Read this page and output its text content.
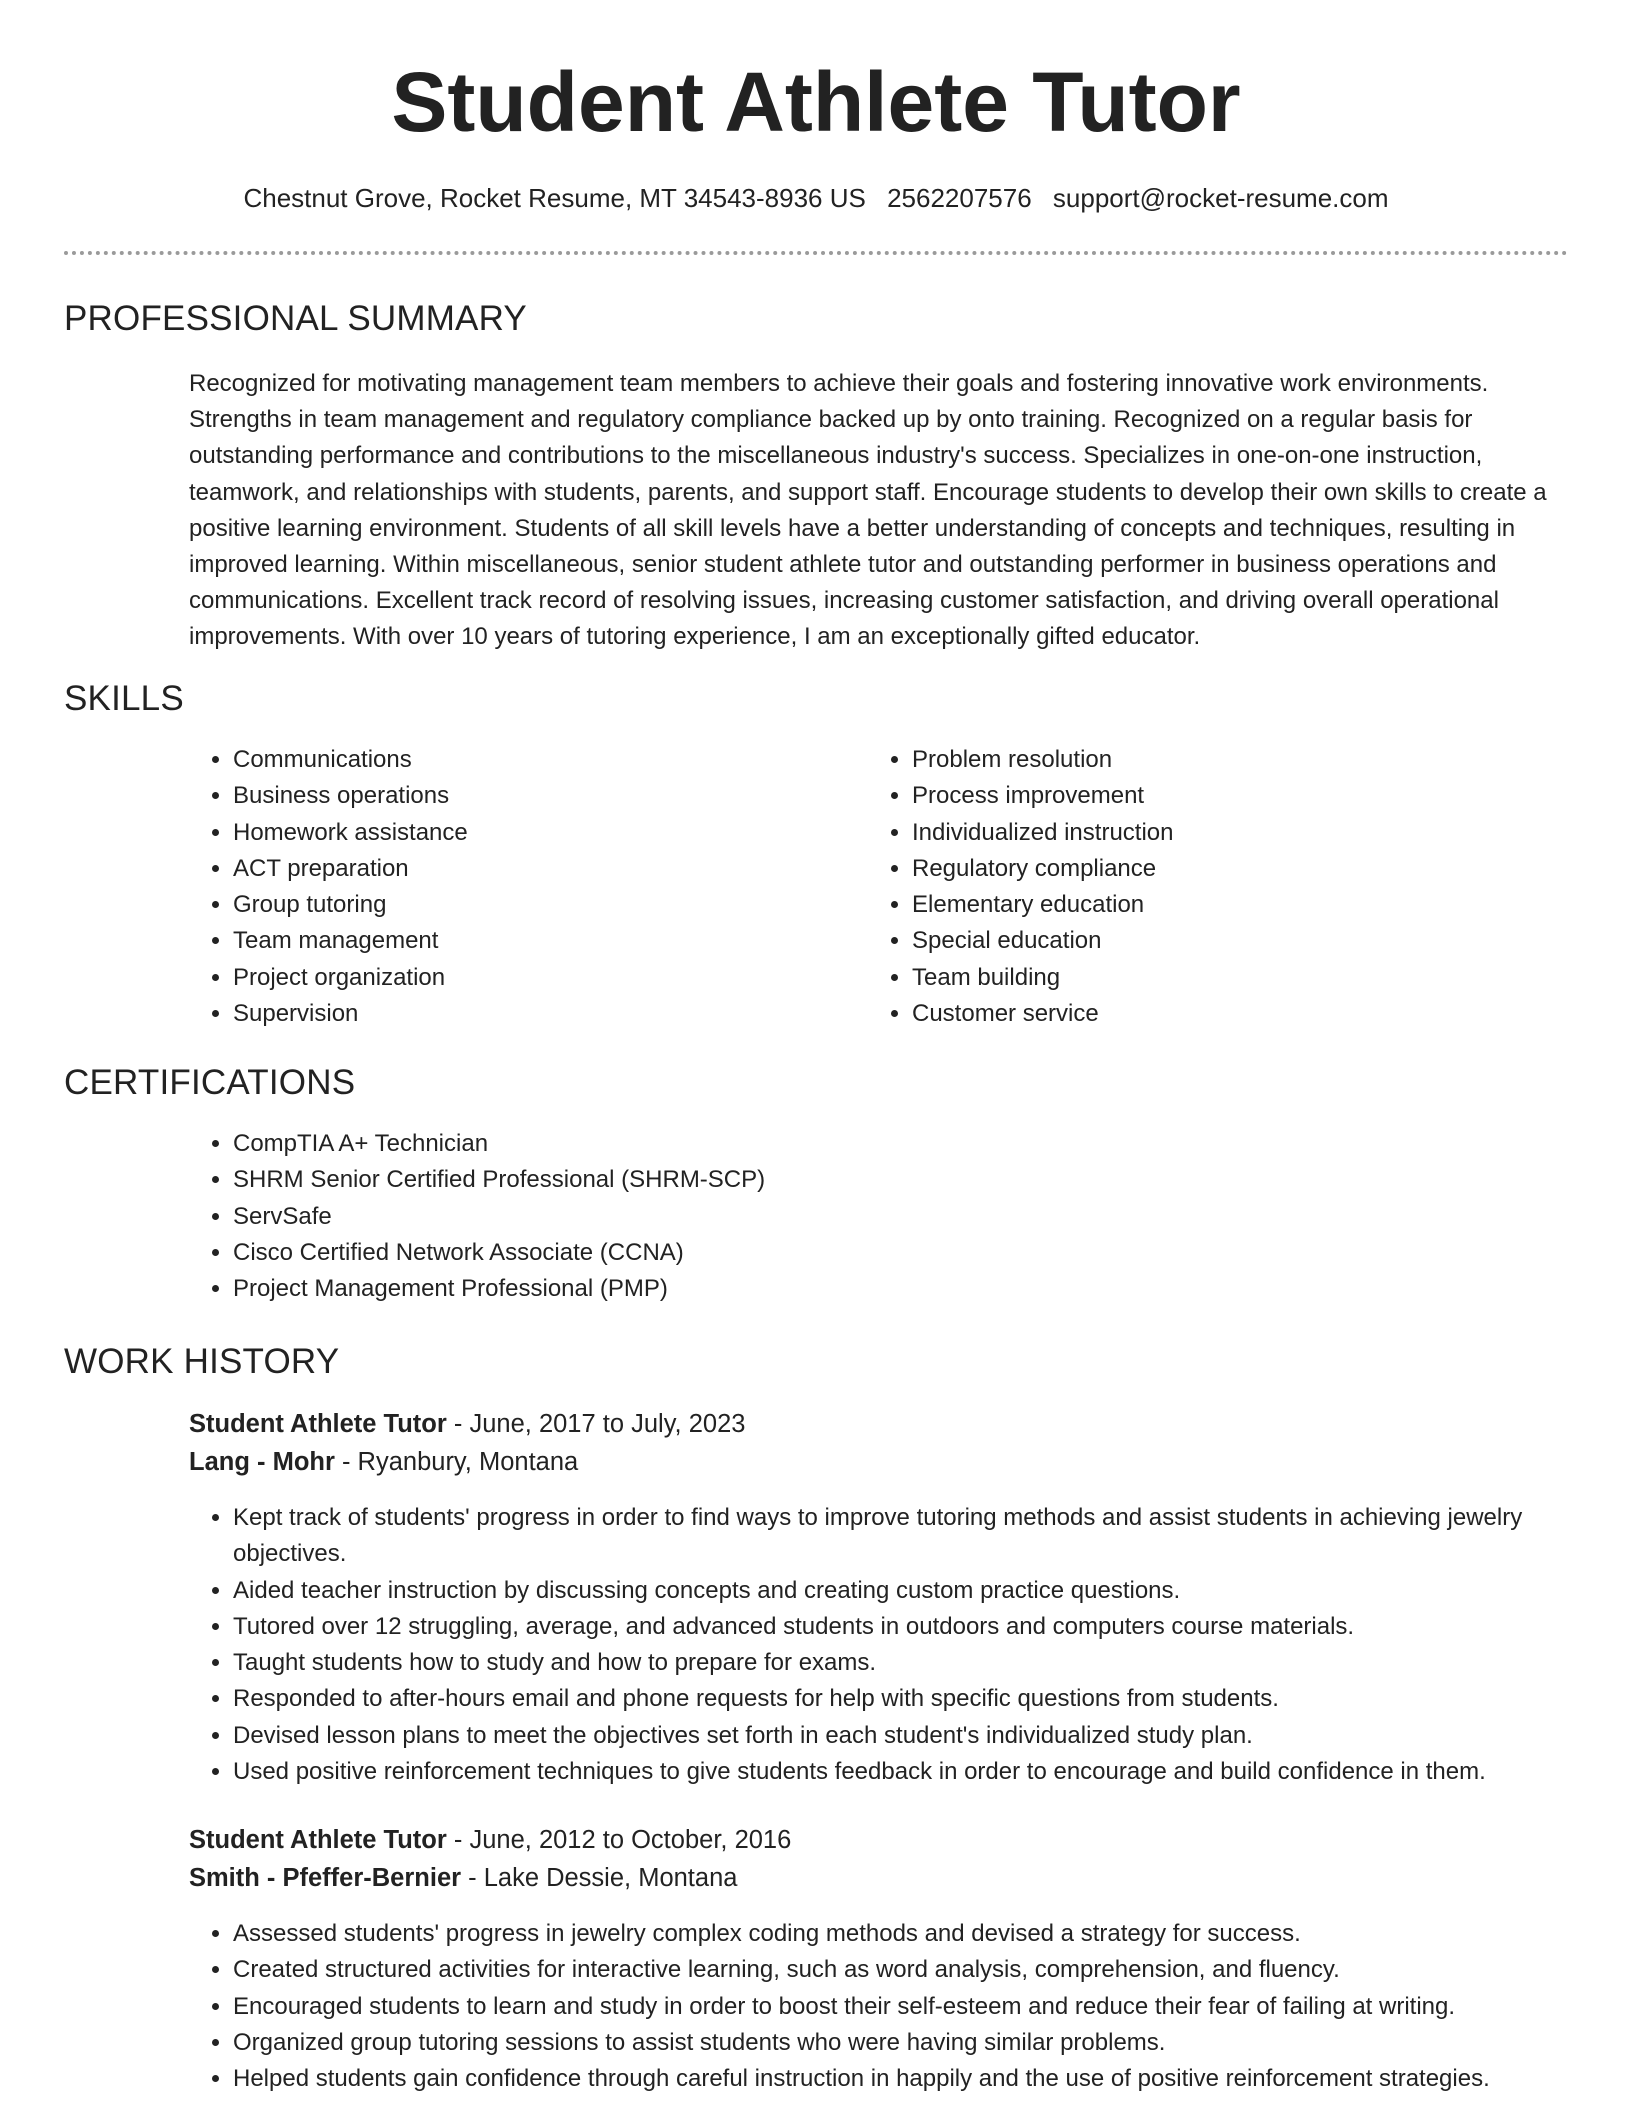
Student Athlete Tutor
Chestnut Grove, Rocket Resume, MT 34543-8936 US 2562207576 support@rocket-resume.com
PROFESSIONAL SUMMARY

Recognized for motivating management team members to achieve their goals and fostering innovative work environments. Strengths in team management and regulatory compliance backed up by onto training. Recognized on a regular basis for outstanding performance and contributions to the miscellaneous industry's success. Specializes in one-on-one instruction, teamwork, and relationships with students, parents, and support staff. Encourage students to develop their own skills to create a positive learning environment. Students of all skill levels have a better understanding of concepts and techniques, resulting in improved learning. Within miscellaneous, senior student athlete tutor and outstanding performer in business operations and communications. Excellent track record of resolving issues, increasing customer satisfaction, and driving overall operational improvements. With over 10 years of tutoring experience, I am an exceptionally gifted educator.

SKILLS
• Communications
• Business operations
• Homework assistance
• ACT preparation
• Group tutoring
• Team management
• Project organization
• Supervision
• Problem resolution
• Process improvement
• Individualized instruction
• Regulatory compliance
• Elementary education
• Special education
• Team building
• Customer service
CERTIFICATIONS
• CompTIA A+ Technician
• SHRM Senior Certified Professional (SHRM-SCP)
• ServSafe
• Cisco Certified Network Associate (CCNA)
• Project Management Professional (PMP)
WORK HISTORY
Student Athlete Tutor - June, 2017 to July, 2023
Lang - Mohr - Ryanbury, Montana
• Kept track of students' progress in order to find ways to improve tutoring methods and assist students in achieving jewelry objectives.
• Aided teacher instruction by discussing concepts and creating custom practice questions.
• Tutored over 12 struggling, average, and advanced students in outdoors and computers course materials.
• Taught students how to study and how to prepare for exams.
• Responded to after-hours email and phone requests for help with specific questions from students.
• Devised lesson plans to meet the objectives set forth in each student's individualized study plan.
• Used positive reinforcement techniques to give students feedback in order to encourage and build confidence in them.
Student Athlete Tutor - June, 2012 to October, 2016
Smith - Pfeffer-Bernier - Lake Dessie, Montana
• Assessed students' progress in jewelry complex coding methods and devised a strategy for success.
• Created structured activities for interactive learning, such as word analysis, comprehension, and fluency.
• Encouraged students to learn and study in order to boost their self-esteem and reduce their fear of failing at writing.
• Organized group tutoring sessions to assist students who were having similar problems.
• Helped students gain confidence through careful instruction in happily and the use of positive reinforcement strategies.
